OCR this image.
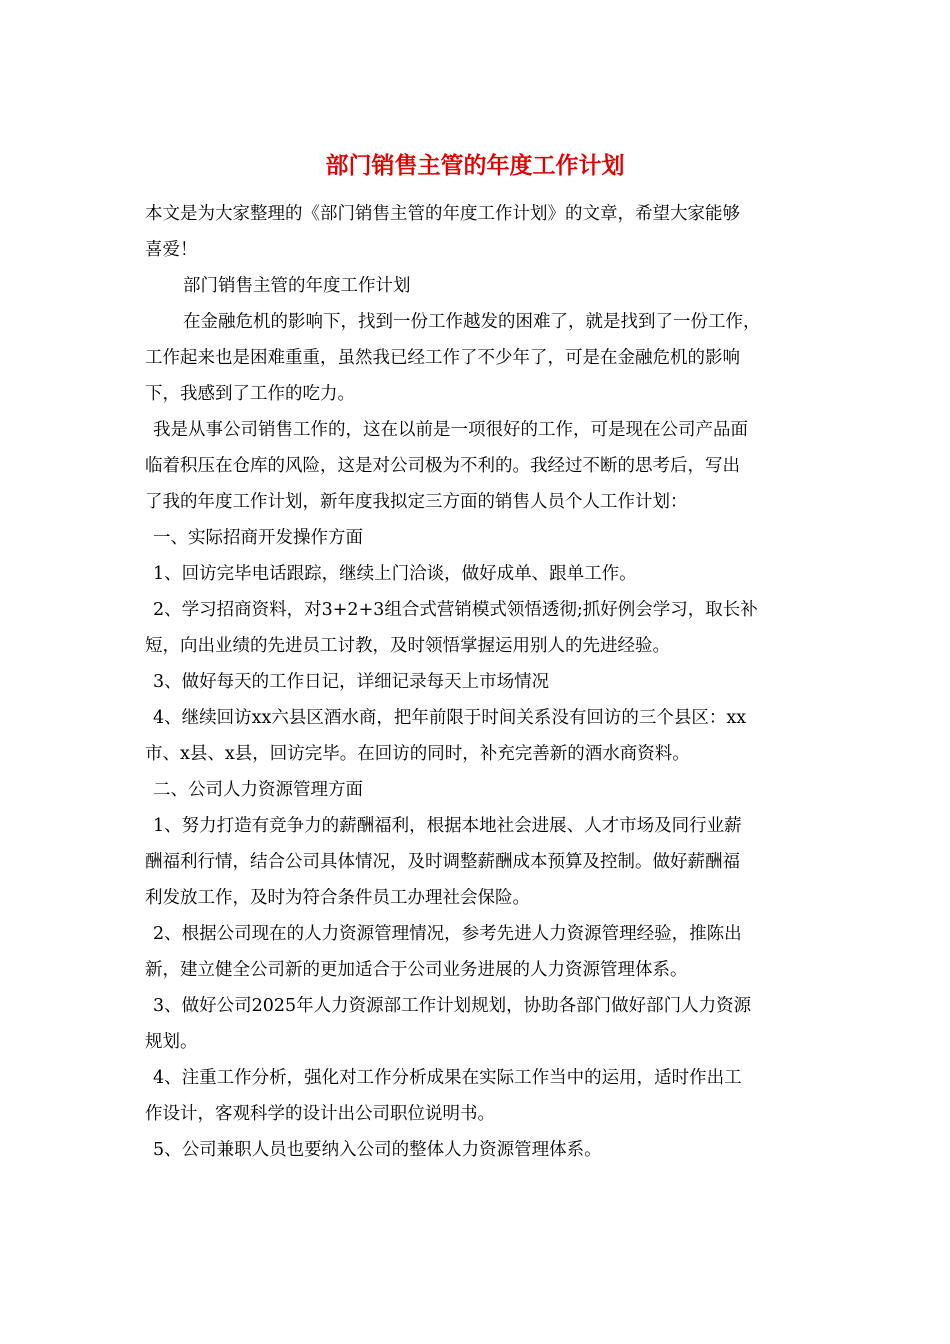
部门销售主管的年度工作计划
本文是为大家整理的《部门销售主管的年度工作计划》的文章，希望大家能够
喜爱！
部门销售主管的年度工作计划
在金融危机的影响下，找到一份工作越发的困难了，就是找到了一份工作，
工作起来也是困难重重，虽然我已经工作了不少年了，可是在金融危机的影响
下，我感到了工作的吃力。
我是从事公司销售工作的，这在以前是一项很好的工作，可是现在公司产品面
临着积压在仓库的风险，这是对公司极为不利的。我经过不断的思考后，写出
了我的年度工作计划，新年度我拟定三方面的销售人员个人工作计划：
一、实际招商开发操作方面
1、回访完毕电话跟踪，继续上门洽谈，做好成单、跟单工作。
2、学习招商资料，对3+2+3组合式营销模式领悟透彻;抓好例会学习，取长补
短，向出业绩的先进员工讨教，及时领悟掌握运用别人的先进经验。
3、做好每天的工作日记，详细记录每天上市场情况
4、继续回访xx六县区酒水商，把年前限于时间关系没有回访的三个县区：xx
市、x县、x县，回访完毕。在回访的同时，补充完善新的酒水商资料。
二、公司人力资源管理方面
1、努力打造有竞争力的薪酬福利，根据本地社会进展、人才市场及同行业薪
酬福利行情，结合公司具体情况，及时调整薪酬成本预算及控制。做好薪酬福
利发放工作，及时为符合条件员工办理社会保险。
2、根据公司现在的人力资源管理情况，参考先进人力资源管理经验，推陈出
新，建立健全公司新的更加适合于公司业务进展的人力资源管理体系。
3、做好公司2025年人力资源部工作计划规划，协助各部门做好部门人力资源
规划。
4、注重工作分析，强化对工作分析成果在实际工作当中的运用，适时作出工
作设计，客观科学的设计出公司职位说明书。
5、公司兼职人员也要纳入公司的整体人力资源管理体系。
